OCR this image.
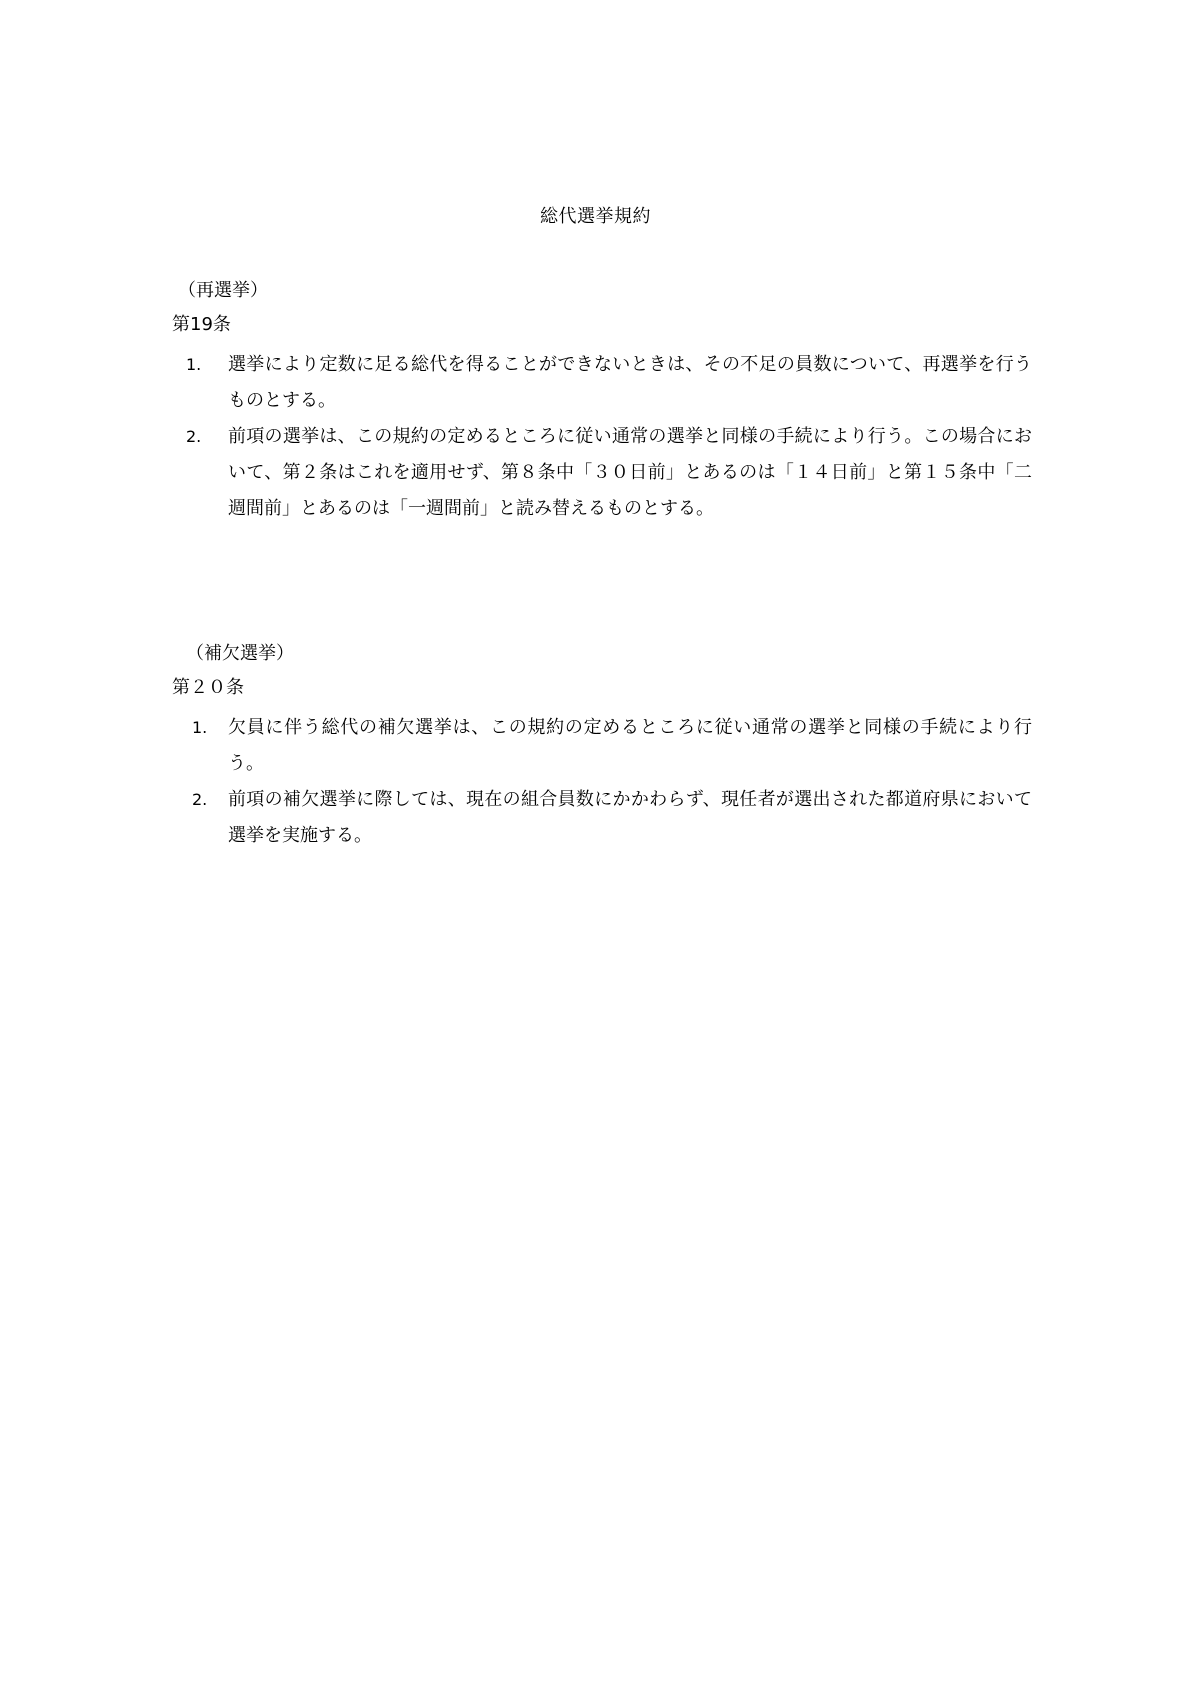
総代選挙規約
（再選挙）
第19条
1. 選挙により定数に足る総代を得ることができないときは、その不足の員数について、再選挙を行うものとする。
2. 前項の選挙は、この規約の定めるところに従い通常の選挙と同様の手続により行う。この場合において、第２条はこれを適用せず、第８条中「３０日前」とあるのは「１４日前」と第１５条中「二週間前」とあるのは「一週間前」と読み替えるものとする。
（補欠選挙）
第２０条
1. 欠員に伴う総代の補欠選挙は、この規約の定めるところに従い通常の選挙と同様の手続により行う。
2. 前項の補欠選挙に際しては、現在の組合員数にかかわらず、現任者が選出された都道府県において選挙を実施する。
